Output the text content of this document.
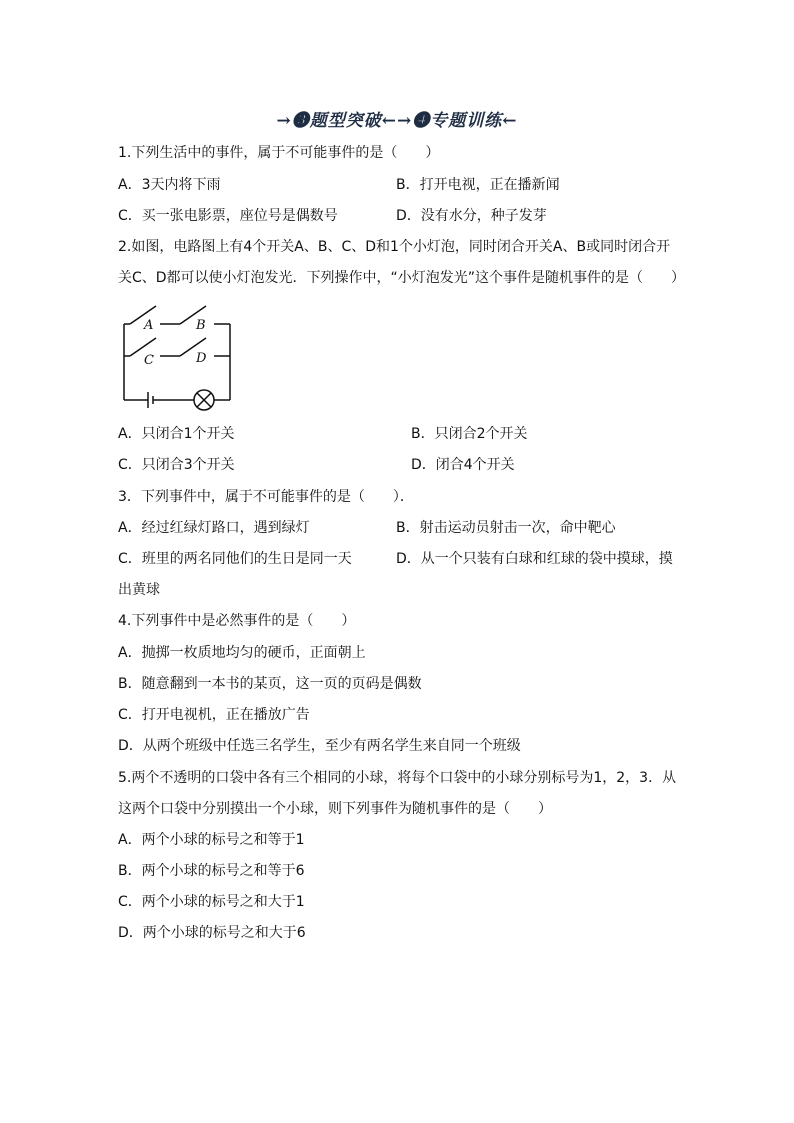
→❸题型突破←→❹专题训练←
1.下列生活中的事件，属于不可能事件的是（　　）
A．3天内将下雨	B．打开电视，正在播新闻
C．买一张电影票，座位号是偶数号	D．没有水分，种子发芽
2.如图，电路图上有4个开关A、B、C、D和1个小灯泡，同时闭合开关A、B或同时闭合开
关C、D都可以使小灯泡发光．下列操作中，“小灯泡发光”这个事件是随机事件的是（　　）
A	B
C	D
A．只闭合1个开关	B．只闭合2个开关
C．只闭合3个开关	D．闭合4个开关
3．下列事件中，属于不可能事件的是（　　）．
A．经过红绿灯路口，遇到绿灯	B．射击运动员射击一次，命中靶心
C．班里的两名同他们的生日是同一天	D．从一个只装有白球和红球的袋中摸球，摸
出黄球
4.下列事件中是必然事件的是（　　）
A．抛掷一枚质地均匀的硬币，正面朝上
B．随意翻到一本书的某页，这一页的页码是偶数
C．打开电视机，正在播放广告
D．从两个班级中任选三名学生，至少有两名学生来自同一个班级
5.两个不透明的口袋中各有三个相同的小球，将每个口袋中的小球分别标号为1，2，3．从
这两个口袋中分别摸出一个小球，则下列事件为随机事件的是（　　）
A．两个小球的标号之和等于1
B．两个小球的标号之和等于6
C．两个小球的标号之和大于1
D．两个小球的标号之和大于6
